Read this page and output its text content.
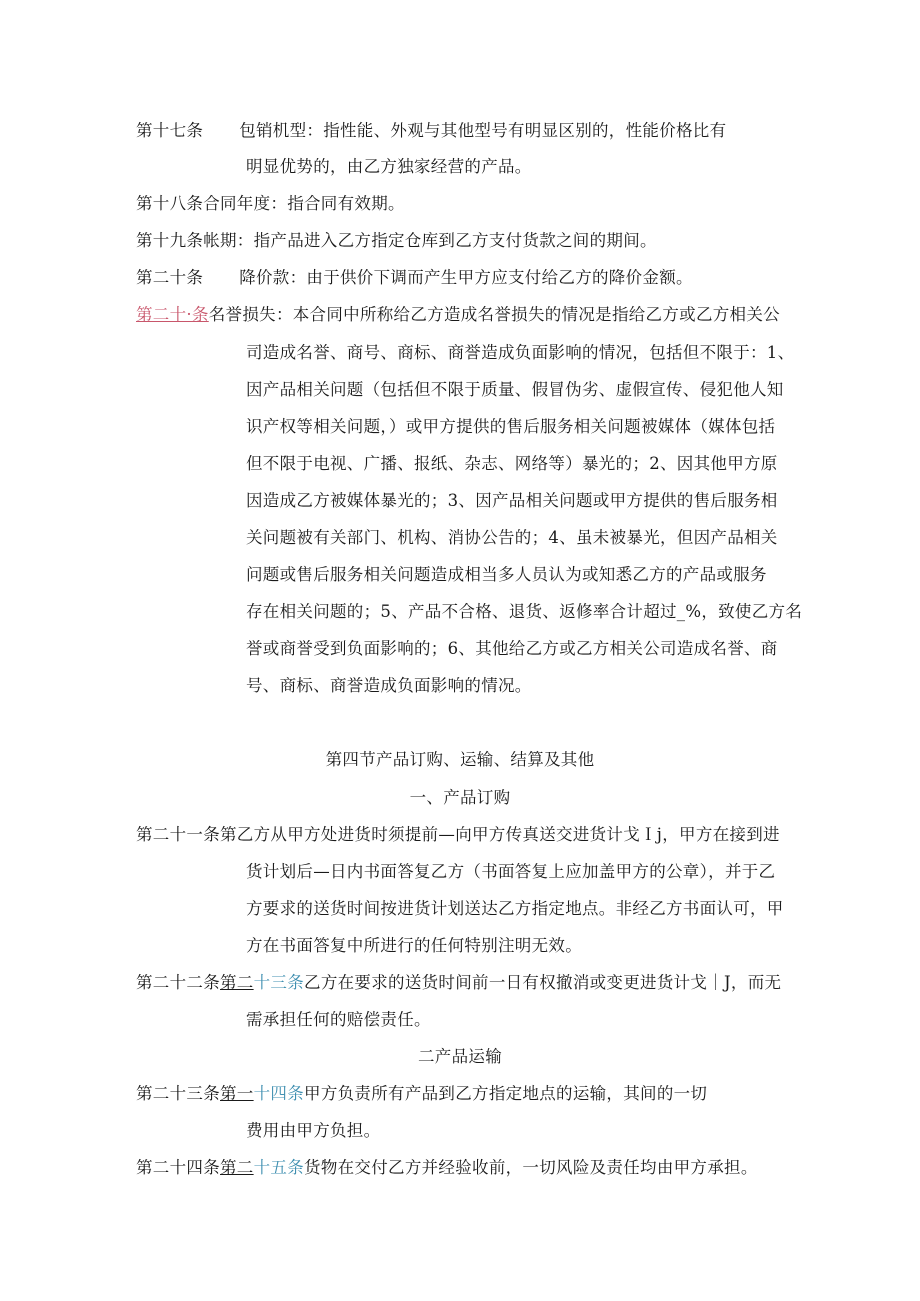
第十七条 包销机型：指性能、外观与其他型号有明显区别的，性能价格比有
明显优势的，由乙方独家经营的产品。
第十八条合同年度：指合同有效期。
第十九条帐期：指产品进入乙方指定仓库到乙方支付货款之间的期间。
第二十条 降价款：由于供价下调而产生甲方应支付给乙方的降价金额。
第二十·条名誉损失：本合同中所称给乙方造成名誉损失的情况是指给乙方或乙方相关公
司造成名誉、商号、商标、商誉造成负面影响的情况，包括但不限于：1、
因产品相关问题（包括但不限于质量、假冒伪劣、虚假宣传、侵犯他人知
识产权等相关问题，）或甲方提供的售后服务相关问题被媒体（媒体包括
但不限于电视、广播、报纸、杂志、网络等）暴光的；2、因其他甲方原
因造成乙方被媒体暴光的；3、因产品相关问题或甲方提供的售后服务相
关问题被有关部门、机构、消协公告的；4、虽未被暴光，但因产品相关
问题或售后服务相关问题造成相当多人员认为或知悉乙方的产品或服务
存在相关问题的；5、产品不合格、退货、返修率合计超过_%，致使乙方名
誉或商誉受到负面影响的；6、其他给乙方或乙方相关公司造成名誉、商
号、商标、商誉造成负面影响的情况。
第四节产品订购、运输、结算及其他
一、产品订购
第二十一条第乙方从甲方处进货时须提前—向甲方传真送交进货计戈Ｉj，甲方在接到进
货计划后—日内书面答复乙方（书面答复上应加盖甲方的公章），并于乙
方要求的送货时间按进货计划送达乙方指定地点。非经乙方书面认可，甲
方在书面答复中所进行的任何特别注明无效。
第二十二条第二十三条乙方在要求的送货时间前一日有权撤消或变更进货计戈｜J，而无
需承担任何的赔偿责任。
二产品运输
第二十三条第一十四条甲方负责所有产品到乙方指定地点的运输，其间的一切
费用由甲方负担。
第二十四条第二十五条货物在交付乙方并经验收前，一切风险及责任均由甲方承担。
